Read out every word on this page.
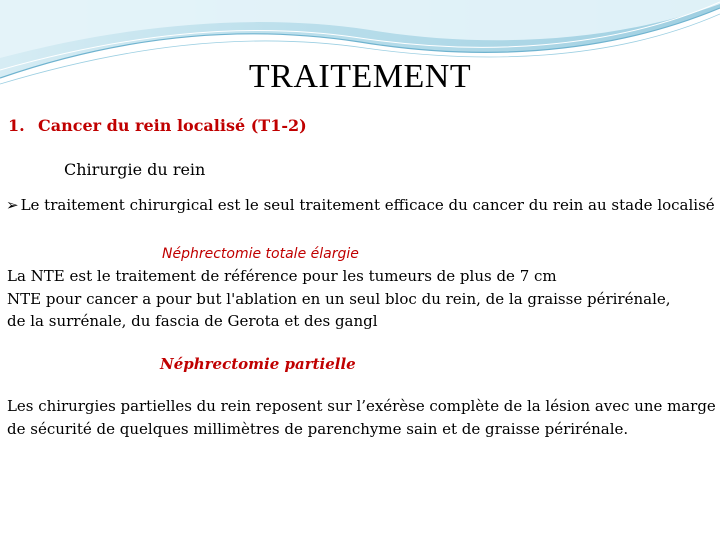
TRAITEMENT
1. Cancer du rein localisé (T1-2)
Chirurgie du rein
➢ Le traitement chirurgical est le seul traitement efficace du cancer du rein au stade localisé
Néphrectomie totale élargie
La NTE est le traitement de référence pour les tumeurs de plus de 7 cm
NTE pour cancer a pour but l'ablation en un seul bloc du rein, de la graisse périrénale,
de la surrénale, du fascia de Gerota et des gangl
Néphrectomie partielle
Les chirurgies partielles du rein reposent sur l’exérèse complète de la lésion avec une marge
de sécurité de quelques millimètres de parenchyme sain et de graisse périrénale.
